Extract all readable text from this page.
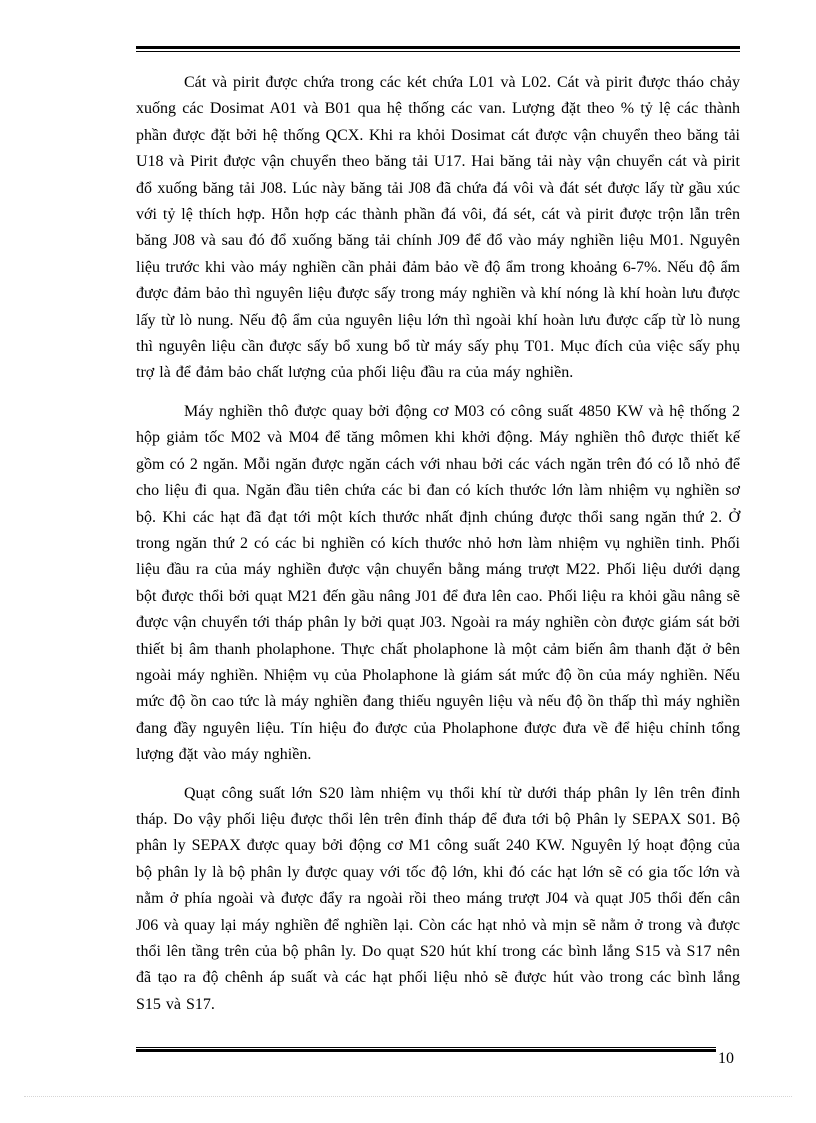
Cát và pirit được chứa trong các két chứa L01 và L02. Cát và pirit được tháo chảy xuống các Dosimat A01 và B01 qua hệ thống các van. Lượng đặt theo % tỷ lệ các thành phần được đặt bởi hệ thống QCX. Khi ra khỏi Dosimat cát được vận chuyển theo băng tải U18 và Pirit được vận chuyển theo băng tải U17. Hai băng tải này vận chuyển cát và pirit đổ xuống băng tải J08. Lúc này băng tải J08 đã chứa đá vôi và đát sét được lấy từ gầu xúc với tỷ lệ thích hợp. Hỗn hợp các thành phần đá vôi, đá sét, cát và pirit được trộn lẫn trên băng J08 và sau đó đổ xuống băng tải chính J09 để đổ vào máy nghiền liệu M01. Nguyên liệu trước khi vào máy nghiền cần phải đảm bảo về độ ẩm trong khoảng 6-7%. Nếu độ ẩm được đảm bảo thì nguyên liệu được sấy trong máy nghiền và khí nóng là khí hoàn lưu được lấy từ lò nung. Nếu độ ẩm của nguyên liệu lớn thì ngoài khí hoàn lưu được cấp từ lò nung thì nguyên liệu cần được sấy bổ xung bổ từ máy sấy phụ T01. Mục đích của việc sấy phụ trợ là để đảm bảo chất lượng của phối liệu đầu ra của máy nghiền.

Máy nghiền thô được quay bởi động cơ M03 có công suất 4850 KW và hệ thống 2 hộp giảm tốc M02 và M04 để tăng mômen khi khởi động. Máy nghiền thô được thiết kế gồm có 2 ngăn. Mỗi ngăn được ngăn cách với nhau bởi các vách ngăn trên đó có lỗ nhỏ để cho liệu đi qua. Ngăn đầu tiên chứa các bi đan có kích thước lớn làm nhiệm vụ nghiền sơ bộ. Khi các hạt đã đạt tới một kích thước nhất định chúng được thổi sang ngăn thứ 2. Ở trong ngăn thứ 2 có các bi nghiền có kích thước nhỏ hơn làm nhiệm vụ nghiền tinh. Phối liệu đầu ra của máy nghiền được vận chuyển bằng máng trượt M22. Phối liệu dưới dạng bột được thổi bởi quạt M21 đến gầu nâng J01 để đưa lên cao. Phối liệu ra khỏi gầu nâng sẽ được vận chuyển tới tháp phân ly bởi quạt J03. Ngoài ra máy nghiền còn được giám sát bởi thiết bị âm thanh pholaphone. Thực chất pholaphone là một cảm biến âm thanh đặt ở bên ngoài máy nghiền. Nhiệm vụ của Pholaphone là giám sát mức độ ồn của máy nghiền. Nếu mức độ ồn cao tức là máy nghiền đang thiếu nguyên liệu và nếu độ ồn thấp thì máy nghiền đang đầy nguyên liệu. Tín hiệu đo được của Pholaphone được đưa về để hiệu chỉnh tổng lượng đặt vào máy nghiền.

Quạt công suất lớn S20 làm nhiệm vụ thổi khí từ dưới tháp phân ly lên trên đỉnh tháp. Do vậy phối liệu được thổi lên trên đỉnh tháp để đưa tới bộ Phân ly SEPAX S01. Bộ phân ly SEPAX được quay bởi động cơ M1 công suất 240 KW. Nguyên lý hoạt động của bộ phân ly là bộ phân ly được quay với tốc độ lớn, khi đó các hạt lớn sẽ có gia tốc lớn và nằm ở phía ngoài và được đẩy ra ngoài rồi theo máng trượt J04 và quạt J05 thổi đến cân J06 và quay lại máy nghiền để nghiền lại. Còn các hạt nhỏ và mịn sẽ nằm ở trong và được thổi lên tầng trên của bộ phân ly. Do quạt S20 hút khí trong các bình lắng S15 và S17 nên đã tạo ra độ chênh áp suất và các hạt phối liệu nhỏ sẽ được hút vào trong các bình lắng S15 và S17.

10
